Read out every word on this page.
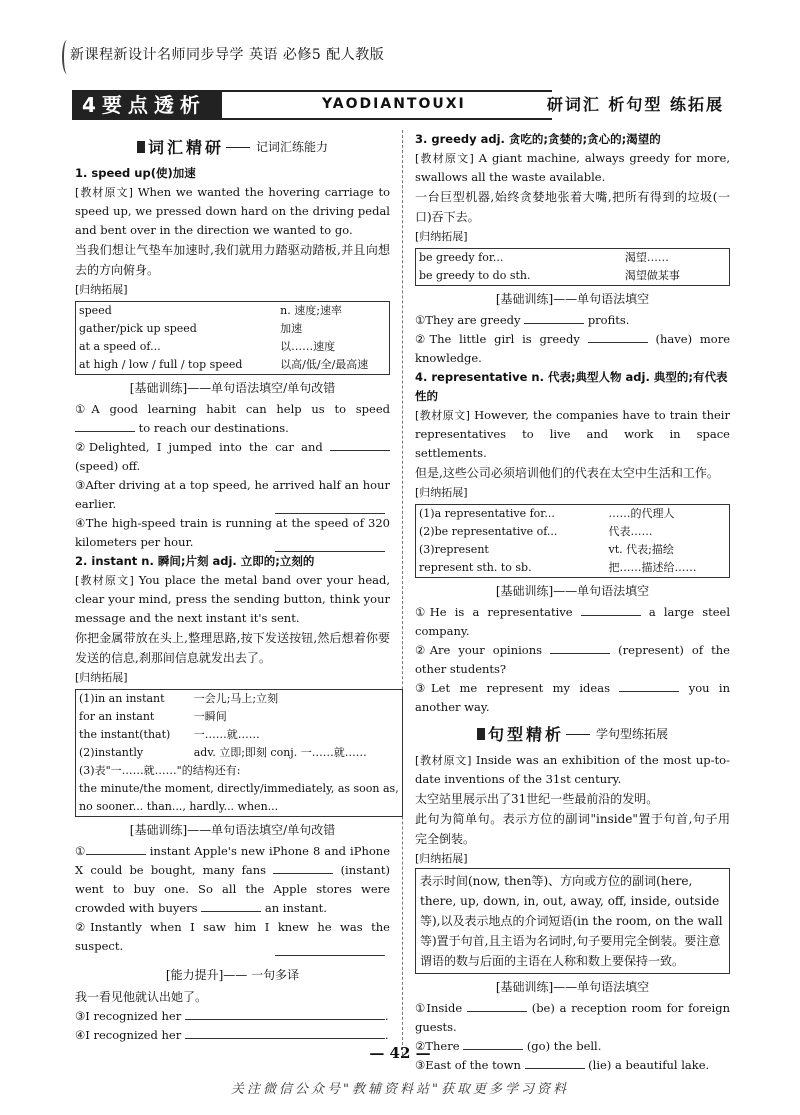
新课程新设计名师同步导学 英语 必修5 配人教版
4要点透析	YAODIANTOUXI	研词汇 析句型 练拓展
词汇精研	记词汇练能力
1. speed up(使)加速

[教材原文] When we wanted the hovering carriage to speed up, we pressed down hard on the driving pedal and bent over in the direction we wanted to go.

当我们想让气垫车加速时,我们就用力踏驱动踏板,并且向想去的方向俯身。

[归纳拓展]
speed	n. 速度;速率
gather/pick up speed	加速
at a speed of...	以……速度
at high / low / full / top speed	以高/低/全/最高速
[基础训练]——单句语法填空/单句改错

①A good learning habit can help us to speed  to reach our destinations.

②Delighted, I jumped into the car and  (speed) off.

③After driving at a top speed, he arrived half an hour earlier.

④The high-speed train is running at the speed of 320 kilometers per hour.

2. instant n. 瞬间;片刻 adj. 立即的;立刻的

[教材原文] You place the metal band over your head, clear your mind, press the sending button, think your message and the next instant it's sent.

你把金属带放在头上,整理思路,按下发送按钮,然后想着你要发送的信息,刹那间信息就发出去了。

[归纳拓展]
(1)in an instant	一会儿;马上;立刻
for an instant	一瞬间
the instant(that)	一……就……
(2)instantly	adv. 立即;即刻 conj. 一……就……
(3)表"一……就……"的结构还有:	
the minute/the moment, directly/immediately, as soon as,	
no sooner... than..., hardly... when...	
[基础训练]——单句语法填空/单句改错

①	instant Apple's new iPhone 8 and iPhone X could be bought, many fans	(instant) went to buy one. So all the Apple stores were crowded with buyers	an instant.

②Instantly when I saw him I knew he was the suspect.

[能力提升]—— 一句多译

我一看见他就认出她了。

③I recognized her	.

④I recognized her	.

3. greedy adj. 贪吃的;贪婪的;贪心的;渴望的

[教材原文] A giant machine, always greedy for more, swallows all the waste available.

一台巨型机器,始终贪婪地张着大嘴,把所有得到的垃圾(一口)吞下去。

[归纳拓展]
be greedy for...	渴望……
be greedy to do sth.	渴望做某事
[基础训练]——单句语法填空

①They are greedy	profits.

②The little girl is greedy	(have) more knowledge.

4. representative n. 代表;典型人物 adj. 典型的;有代表性的

[教材原文] However, the companies have to train their representatives to live and work in space settlements.

但是,这些公司必须培训他们的代表在太空中生活和工作。

[归纳拓展]
(1)a representative for...	……的代理人
(2)be representative of...	代表……
(3)represent	vt. 代表;描绘
represent sth. to sb.	把……描述给……
[基础训练]——单句语法填空

①He is a representative	a large steel company.

②Are your opinions	(represent) of the other students?

③Let me represent my ideas	you in another way.

句型精析	学句型练拓展

[教材原文] Inside was an exhibition of the most up-to-date inventions of the 31st century.

太空站里展示出了31世纪一些最前沿的发明。

此句为简单句。表示方位的副词"inside"置于句首,句子用完全倒装。

[归纳拓展]
表示时间(now, then等)、方向或方位的副词(here, there, up, down, in, out, away, off, inside, outside等),以及表示地点的介词短语(in the room, on the wall等)置于句首,且主语为名词时,句子要用完全倒装。要注意谓语的数与后面的主语在人称和数上要保持一致。
[基础训练]——单句语法填空

①Inside	(be) a reception room for foreign guests.

②There	(go) the bell.

③East of the town	(lie) a beautiful lake.

— 42 —
关注微信公众号"教辅资料站"获取更多学习资料
